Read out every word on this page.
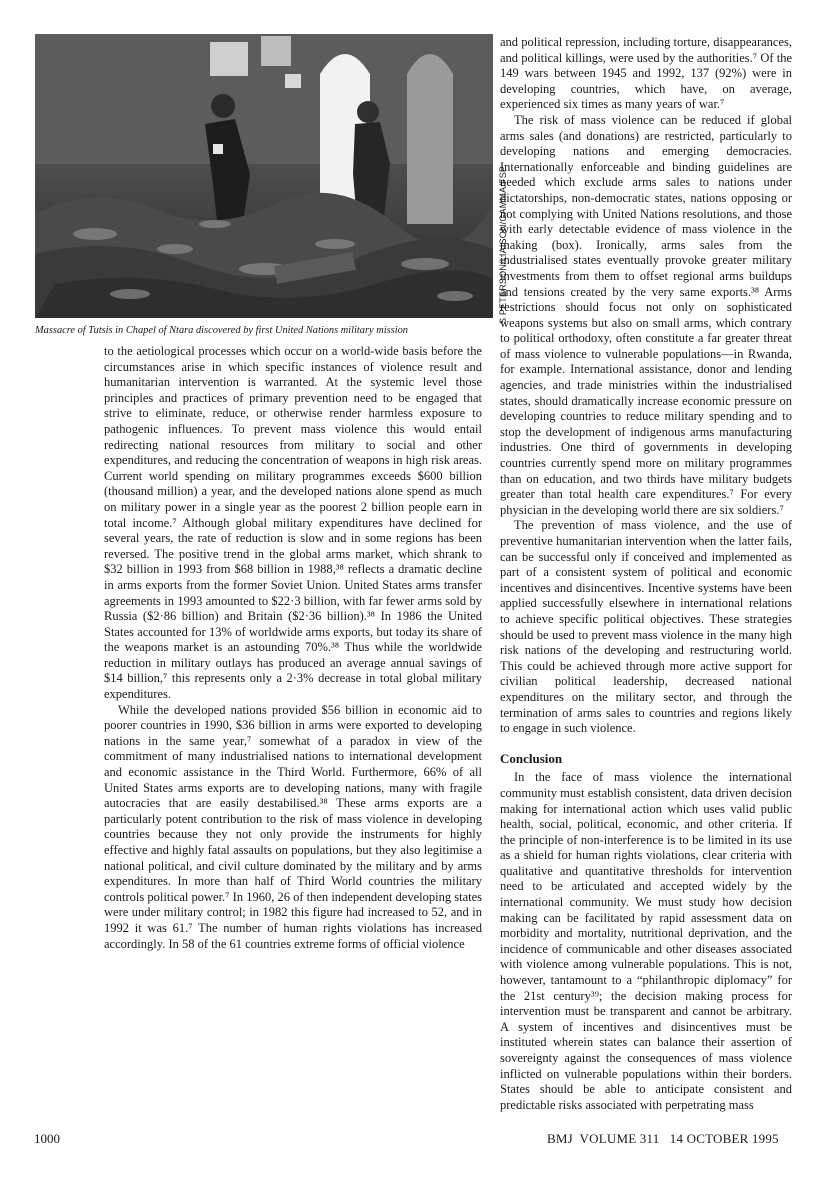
S PETERSON/LIAISON/GAMMA/FSP
Massacre of Tutsis in Chapel of Ntara discovered by first United Nations military mission

to the aetiological processes which occur on a world-wide basis before the circumstances arise in which specific instances of violence result and humanitarian intervention is warranted. At the systemic level those principles and practices of primary prevention need to be engaged that strive to eliminate, reduce, or otherwise render harmless exposure to pathogenic influences. To prevent mass violence this would entail redirecting national resources from military to social and other expenditures, and reducing the concentration of weapons in high risk areas. Current world spending on military programmes exceeds $600 billion (thousand million) a year, and the developed nations alone spend as much on military power in a single year as the poorest 2 billion people earn in total income.⁷ Although global military expenditures have declined for several years, the rate of reduction is slow and in some regions has been reversed. The positive trend in the global arms market, which shrank to $32 billion in 1993 from $68 billion in 1988,³⁸ reflects a dramatic decline in arms exports from the former Soviet Union. United States arms transfer agreements in 1993 amounted to $22·3 billion, with far fewer arms sold by Russia ($2·86 billion) and Britain ($2·36 billion).³⁸ In 1986 the United States accounted for 13% of worldwide arms exports, but today its share of the weapons market is an astounding 70%.³⁸ Thus while the worldwide reduction in military outlays has produced an average annual savings of $14 billion,⁷ this represents only a 2·3% decrease in total global military expenditures.

While the developed nations provided $56 billion in economic aid to poorer countries in 1990, $36 billion in arms were exported to developing nations in the same year,⁷ somewhat of a paradox in view of the commitment of many industrialised nations to international development and economic assistance in the Third World. Furthermore, 66% of all United States arms exports are to developing nations, many with fragile autocracies that are easily destabilised.³⁸ These arms exports are a particularly potent contribution to the risk of mass violence in developing countries because they not only provide the instruments for highly effective and highly fatal assaults on populations, but they also legitimise a national political, and civil culture dominated by the military and by arms expenditures. In more than half of Third World countries the military controls political power.⁷ In 1960, 26 of then independent developing states were under military control; in 1982 this figure had increased to 52, and in 1992 it was 61.⁷ The number of human rights violations has increased accordingly. In 58 of the 61 countries extreme forms of official violence

and political repression, including torture, disappearances, and political killings, were used by the authorities.⁷ Of the 149 wars between 1945 and 1992, 137 (92%) were in developing countries, which have, on average, experienced six times as many years of war.⁷

The risk of mass violence can be reduced if global arms sales (and donations) are restricted, particularly to developing nations and emerging democracies. Internationally enforceable and binding guidelines are needed which exclude arms sales to nations under dictatorships, non-democratic states, nations opposing or not complying with United Nations resolutions, and those with early detectable evidence of mass violence in the making (box). Ironically, arms sales from the industrialised states eventually provoke greater military investments from them to offset regional arms buildups and tensions created by the very same exports.³⁸ Arms restrictions should focus not only on sophisticated weapons systems but also on small arms, which contrary to political orthodoxy, often constitute a far greater threat of mass violence to vulnerable populations—in Rwanda, for example. International assistance, donor and lending agencies, and trade ministries within the industrialised states, should dramatically increase economic pressure on developing countries to reduce military spending and to stop the development of indigenous arms manufacturing industries. One third of governments in developing countries currently spend more on military programmes than on education, and two thirds have military budgets greater than total health care expenditures.⁷ For every physician in the developing world there are six soldiers.⁷

The prevention of mass violence, and the use of preventive humanitarian intervention when the latter fails, can be successful only if conceived and implemented as part of a consistent system of political and economic incentives and disincentives. Incentive systems have been applied successfully elsewhere in international relations to achieve specific political objectives. These strategies should be used to prevent mass violence in the many high risk nations of the developing and restructuring world. This could be achieved through more active support for civilian political leadership, decreased national expenditures on the military sector, and through the termination of arms sales to countries and regions likely to engage in such violence.

Conclusion

In the face of mass violence the international community must establish consistent, data driven decision making for international action which uses valid public health, social, political, economic, and other criteria. If the principle of non-interference is to be limited in its use as a shield for human rights violations, clear criteria with qualitative and quantitative thresholds for intervention need to be articulated and accepted widely by the international community. We must study how decision making can be facilitated by rapid assessment data on morbidity and mortality, nutritional deprivation, and the incidence of communicable and other diseases associated with violence among vulnerable populations. This is not, however, tantamount to a “philanthropic diplomacy” for the 21st century³⁹; the decision making process for intervention must be transparent and cannot be arbitrary. A system of incentives and disincentives must be instituted wherein states can balance their assertion of sovereignty against the consequences of mass violence inflicted on vulnerable populations within their borders. States should be able to anticipate consistent and predictable risks associated with perpetrating mass

1000	BMJ  VOLUME 311   14 OCTOBER 1995
